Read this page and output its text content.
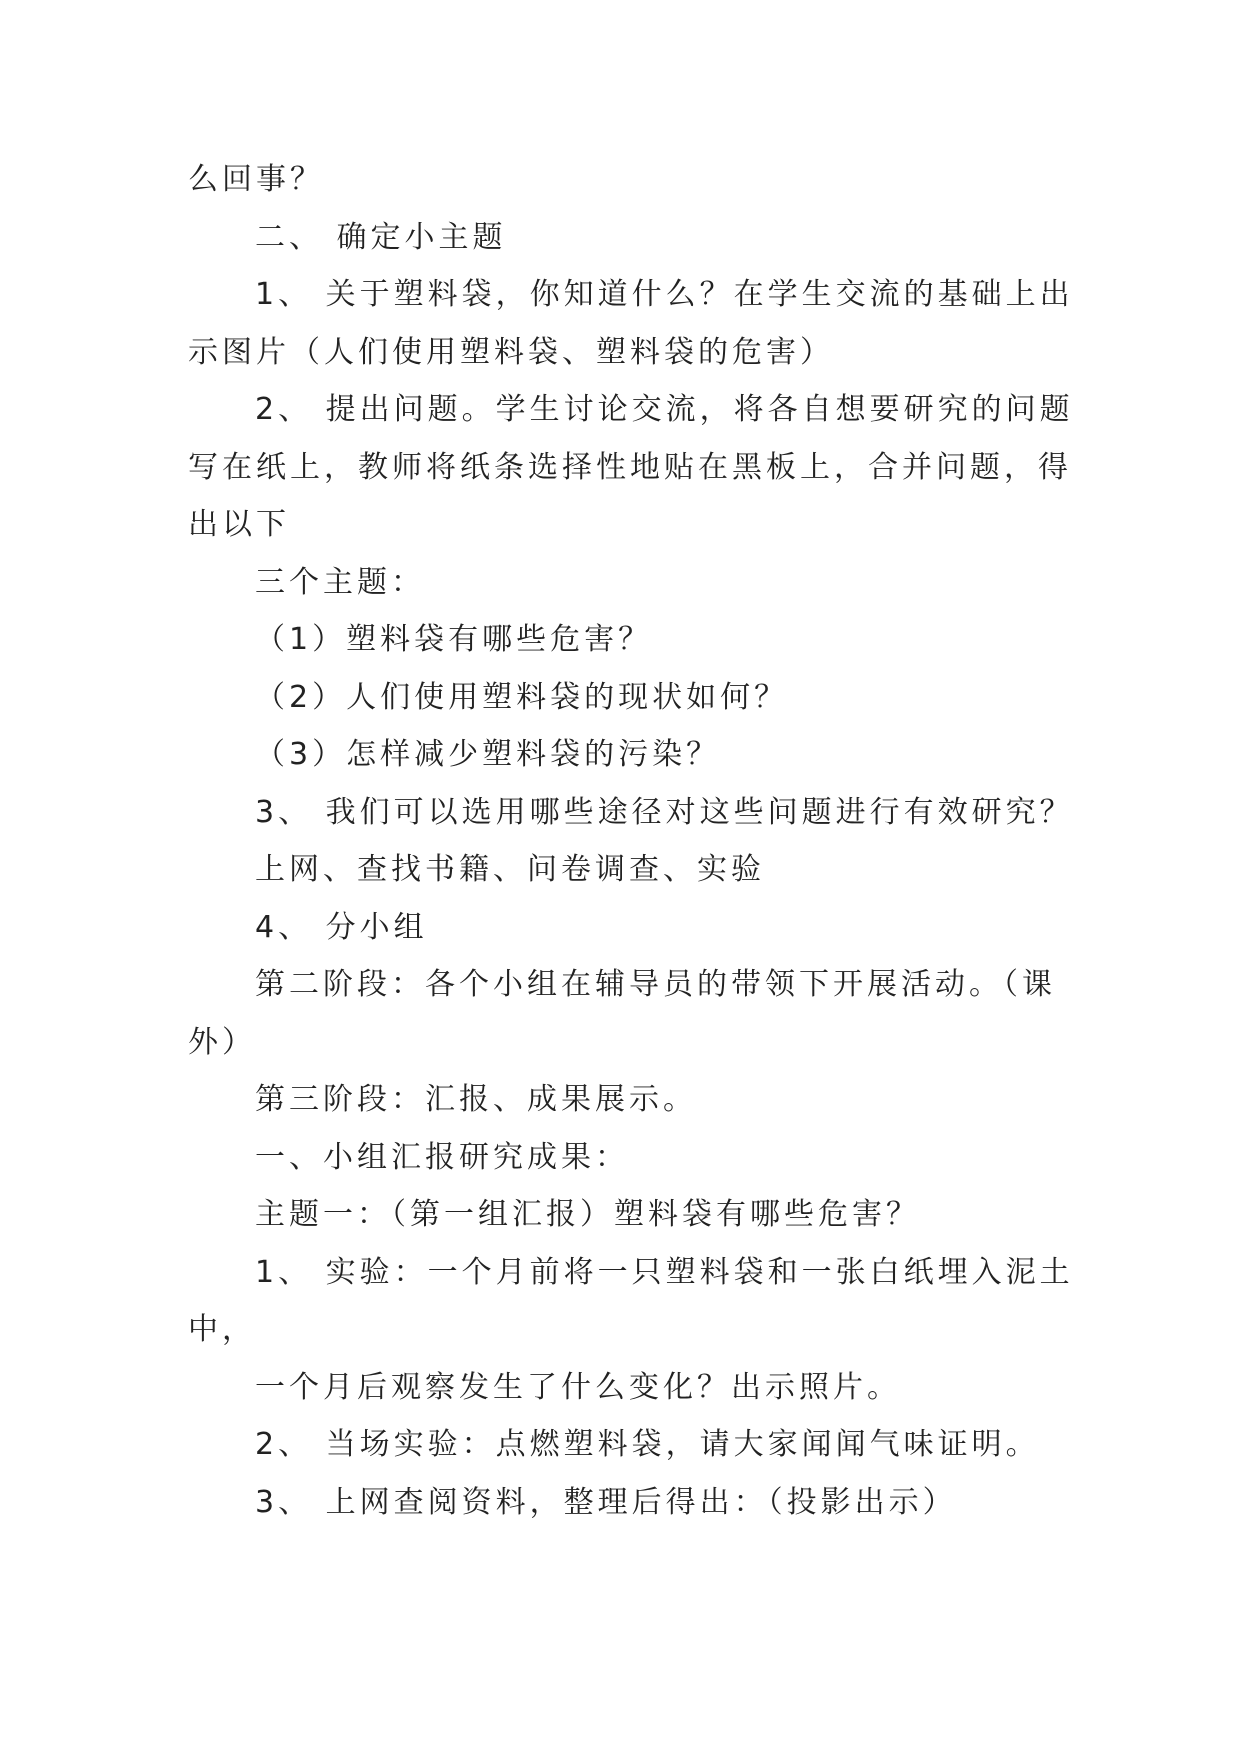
么回事？
二、 确定小主题
1、 关于塑料袋，你知道什么？在学生交流的基础上出
示图片（人们使用塑料袋、塑料袋的危害）
2、 提出问题。学生讨论交流，将各自想要研究的问题
写在纸上，教师将纸条选择性地贴在黑板上，合并问题，得
出以下
三个主题：
（1）塑料袋有哪些危害？
（2）人们使用塑料袋的现状如何？
（3）怎样减少塑料袋的污染？
3、 我们可以选用哪些途径对这些问题进行有效研究？
上网、查找书籍、问卷调查、实验
4、 分小组
第二阶段：各个小组在辅导员的带领下开展活动。（课
外）
第三阶段：汇报、成果展示。
一、小组汇报研究成果：
主题一：（第一组汇报）塑料袋有哪些危害？
1、 实验：一个月前将一只塑料袋和一张白纸埋入泥土
中，
一个月后观察发生了什么变化？出示照片。
2、 当场实验：点燃塑料袋，请大家闻闻气味证明。
3、 上网查阅资料，整理后得出：（投影出示）
